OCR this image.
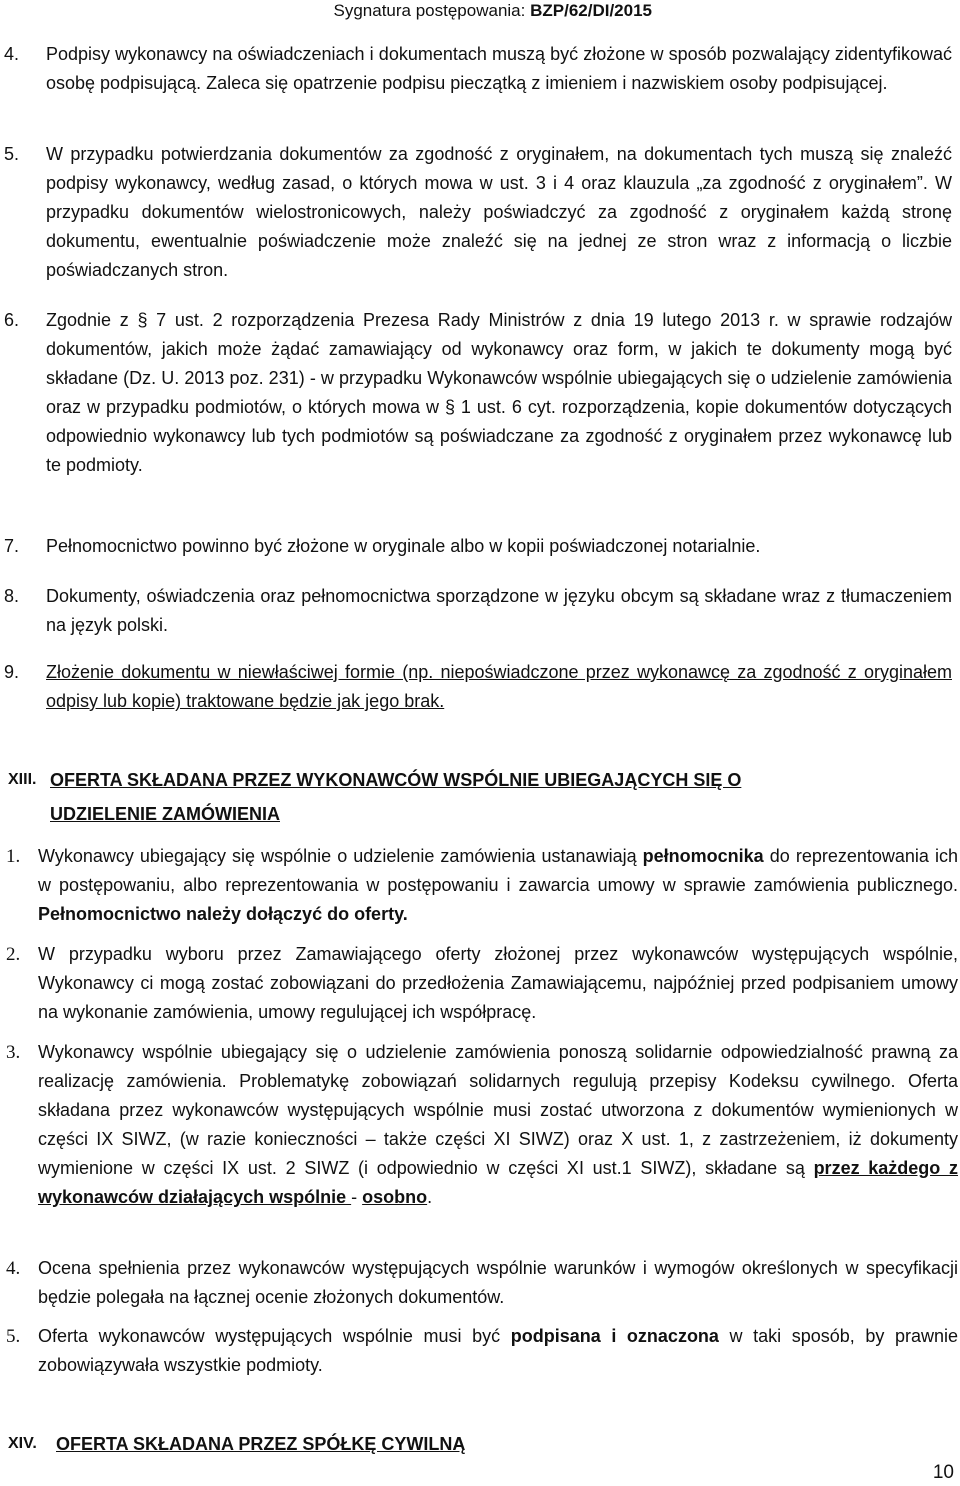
Sygnatura postępowania: BZP/62/DI/2015
4. Podpisy wykonawcy na oświadczeniach i dokumentach muszą być złożone w sposób pozwalający zidentyfikować osobę podpisującą. Zaleca się opatrzenie podpisu pieczątką z imieniem i nazwiskiem osoby podpisującej.
5. W przypadku potwierdzania dokumentów za zgodność z oryginałem, na dokumentach tych muszą się znaleźć podpisy wykonawcy, według zasad, o których mowa w ust. 3 i 4 oraz klauzula „za zgodność z oryginałem”. W przypadku dokumentów wielostronicowych, należy poświadczyć za zgodność z oryginałem każdą stronę dokumentu, ewentualnie poświadczenie może znaleźć się na jednej ze stron wraz z informacją o liczbie poświadczanych stron.
6. Zgodnie z § 7 ust. 2 rozporządzenia Prezesa Rady Ministrów z dnia 19 lutego 2013 r. w sprawie rodzajów dokumentów, jakich może żądać zamawiający od wykonawcy oraz form, w jakich te dokumenty mogą być składane (Dz. U. 2013 poz. 231) - w przypadku Wykonawców wspólnie ubiegających się o udzielenie zamówienia oraz w przypadku podmiotów, o których mowa w § 1 ust. 6 cyt. rozporządzenia, kopie dokumentów dotyczących odpowiednio wykonawcy lub tych podmiotów są poświadczane za zgodność z oryginałem przez wykonawcę lub te podmioty.
7. Pełnomocnictwo powinno być złożone w oryginale albo w kopii poświadczonej notarialnie.
8. Dokumenty, oświadczenia oraz pełnomocnictwa sporządzone w języku obcym są składane wraz z tłumaczeniem na język polski.
9. Złożenie dokumentu w niewłaściwej formie (np. niepoświadczone przez wykonawcę za zgodność z oryginałem odpisy lub kopie) traktowane będzie jak jego brak.
XIII. OFERTA SKŁADANA PRZEZ WYKONAWCÓW WSPÓLNIE UBIEGAJĄCYCH SIĘ O
UDZIELENIE ZAMÓWIENIA
1. Wykonawcy ubiegający się wspólnie o udzielenie zamówienia ustanawiają pełnomocnika do reprezentowania ich w postępowaniu, albo reprezentowania w postępowaniu i zawarcia umowy w sprawie zamówienia publicznego. Pełnomocnictwo należy dołączyć do oferty.
2. W przypadku wyboru przez Zamawiającego oferty złożonej przez wykonawców występujących wspólnie, Wykonawcy ci mogą zostać zobowiązani do przedłożenia Zamawiającemu, najpóźniej przed podpisaniem umowy na wykonanie zamówienia, umowy regulującej ich współpracę.
3. Wykonawcy wspólnie ubiegający się o udzielenie zamówienia ponoszą solidarnie odpowiedzialność prawną za realizację zamówienia. Problematykę zobowiązań solidarnych regulują przepisy Kodeksu cywilnego. Oferta składana przez wykonawców występujących wspólnie musi zostać utworzona z dokumentów wymienionych w części IX SIWZ, (w razie konieczności – także części XI SIWZ) oraz X ust. 1, z zastrzeżeniem, iż dokumenty wymienione w części IX ust. 2 SIWZ (i odpowiednio w części XI ust.1 SIWZ), składane są przez każdego z wykonawców działających wspólnie - osobno.
4. Ocena spełnienia przez wykonawców występujących wspólnie warunków i wymogów określonych w specyfikacji będzie polegała na łącznej ocenie złożonych dokumentów.
5. Oferta wykonawców występujących wspólnie musi być podpisana i oznaczona w taki sposób, by prawnie zobowiązywała wszystkie podmioty.
XIV. OFERTA SKŁADANA PRZEZ SPÓŁKĘ CYWILNĄ
10
